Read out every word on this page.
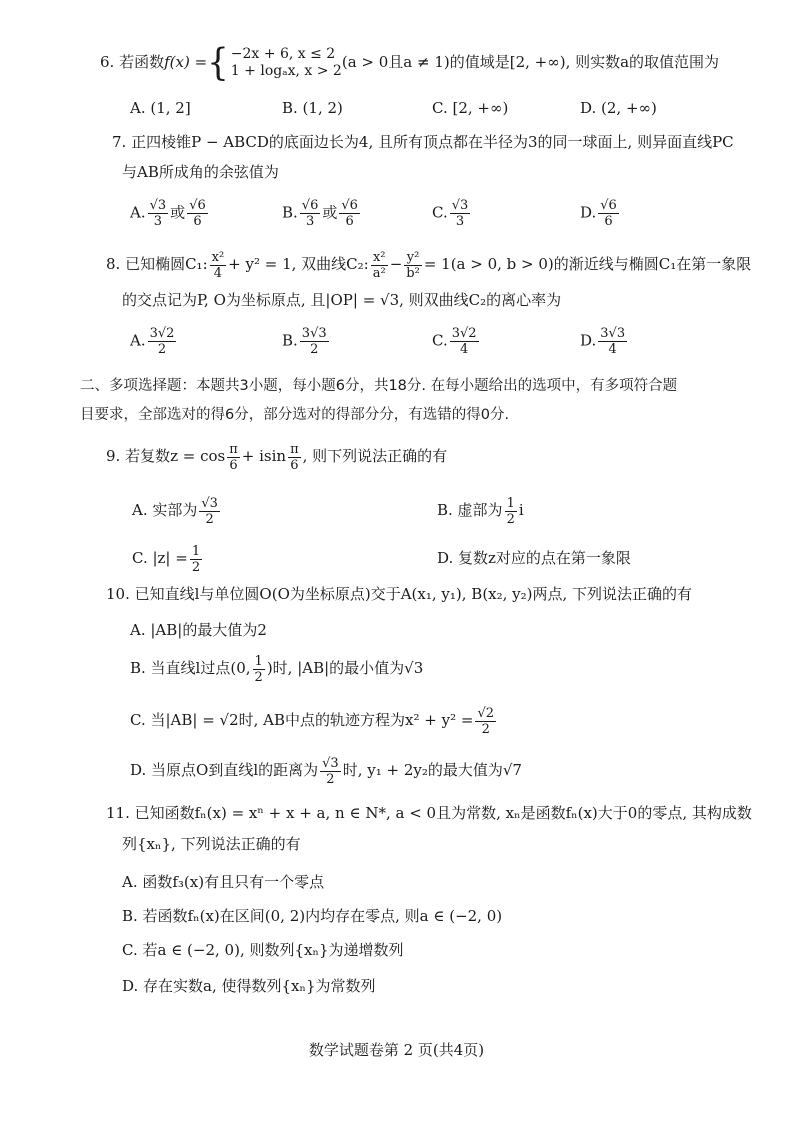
6. 若函数f(x) ={ −2x + 6, x ≤ 2
1 + logₐx, x > 2 (a > 0且a ≠ 1)的值域是[2, +∞), 则实数a的取值范围为
A. (1, 2]	B. (1, 2)	C. [2, +∞)	D. (2, +∞)
7. 正四棱锥P − ABCD的底面边长为4, 且所有顶点都在半径为3的同一球面上, 则异面直线PC
与AB所成角的余弦值为
A. $\frac{√3}{3}$ 或 $\frac{√6}{6}$	B. $\frac{√6}{3}$ 或 $\frac{√6}{6}$	C. $\frac{√3}{3}$	D. $\frac{√6}{6}$
8. 已知椭圆C₁: $\frac{\text{x²}}{4} + y^2 = 1$, 双曲线C₂: $\frac{\text{x²}}{\text{a²}} - \frac{\text{y²}}{\text{b²}} = 1(a > 0$, b > 0)的渐近线与椭圆C₁在第一象限
的交点记为P, O为坐标原点, 且|OP| = √3, 则双曲线C₂的离心率为
A. $\frac{3√2}{2}$	B. $\frac{3√3}{2}$	C. $\frac{3√2}{4}$	D. $\frac{3√3}{4}$
二、多项选择题：本题共3小题，每小题6分，共18分. 在每小题给出的选项中，有多项符合题
目要求，全部选对的得6分，部分选对的得部分分，有选错的得0分.
9. 若复数$z = \cos \frac{\pi}{6} + isin \frac{\pi}{6}$ , 则下列说法正确的有
A. 实部为 $\frac{√3}{2}$	B. 虚部为 $\frac{1}{2}$ i
C. $|z| = \frac{1}{2}$	D. 复数z对应的点在第一象限
10. 已知直线l与单位圆O(O为坐标原点)交于A(x₁, y₁), B(x₂, y₂)两点, 下列说法正确的有
A. |AB|的最大值为2
B. 当直线l过点(0, $\frac{1}{2}$ )时, |AB|的最小值为√3
C. 当|AB| = √2时, AB中点的轨迹方程为$x^2 + y^2 = \frac{√2}{2}$
D. 当原点O到直线l的距离为 $\frac{√3}{2}$ 时, y₁ + 2y₂的最大值为√7
11. 已知函数fₙ(x) = xⁿ + x + a, n ∈ N*, a < 0且为常数, xₙ是函数fₙ(x)大于0的零点, 其构成数
列{xₙ}, 下列说法正确的有
A. 函数f₃(x)有且只有一个零点
B. 若函数fₙ(x)在区间(0, 2)内均存在零点, 则a ∈ (−2, 0)
C. 若a ∈ (−2, 0), 则数列{xₙ}为递增数列
D. 存在实数a, 使得数列{xₙ}为常数列
数学试题卷第 2 页(共4页)
